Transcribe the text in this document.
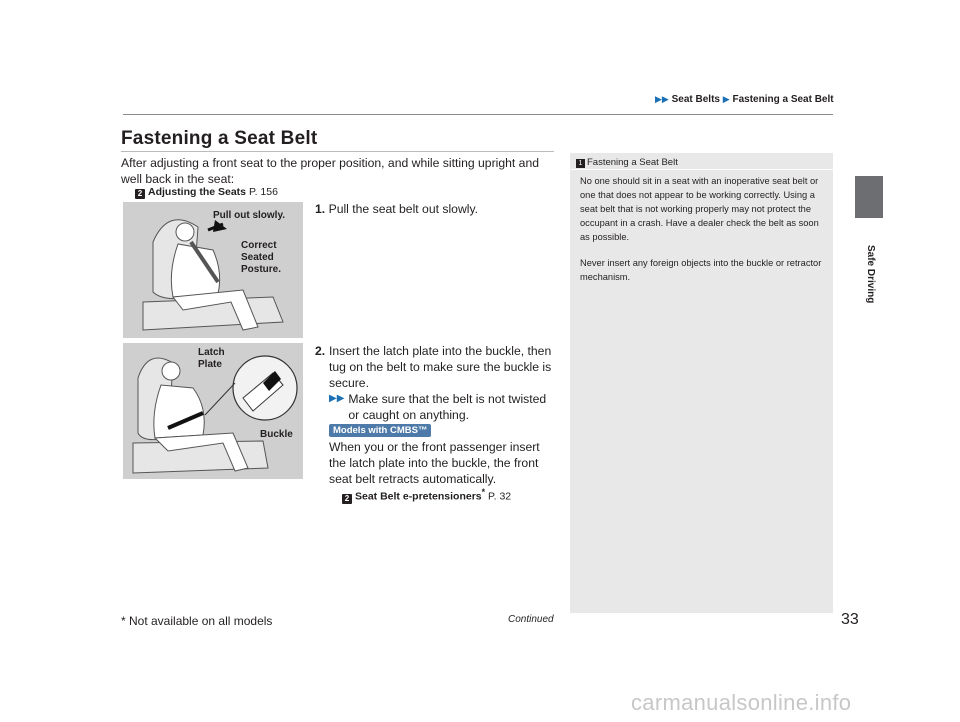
▶▶ Seat Belts ▶ Fastening a Seat Belt
Safe Driving
Fastening a Seat Belt
After adjusting a front seat to the proper position, and while sitting upright and well back in the seat:
2 Adjusting the Seats P. 156
Pull out slowly.
Correct
Seated
Posture.
Latch
Plate
Buckle
1. Pull the seat belt out slowly.
2. Insert the latch plate into the buckle, then tug on the belt to make sure the buckle is secure.
▶▶ Make sure that the belt is not twisted or caught on anything.
Models with CMBS™
When you or the front passenger insert the latch plate into the buckle, the front seat belt retracts automatically.
2 Seat Belt e-pretensioners* P. 32
1 Fastening a Seat Belt
No one should sit in a seat with an inoperative seat belt or one that does not appear to be working correctly. Using a seat belt that is not working properly may not protect the occupant in a crash. Have a dealer check the belt as soon as possible.
Never insert any foreign objects into the buckle or retractor mechanism.
Continued	33
* Not available on all models
carmanualsonline.info
